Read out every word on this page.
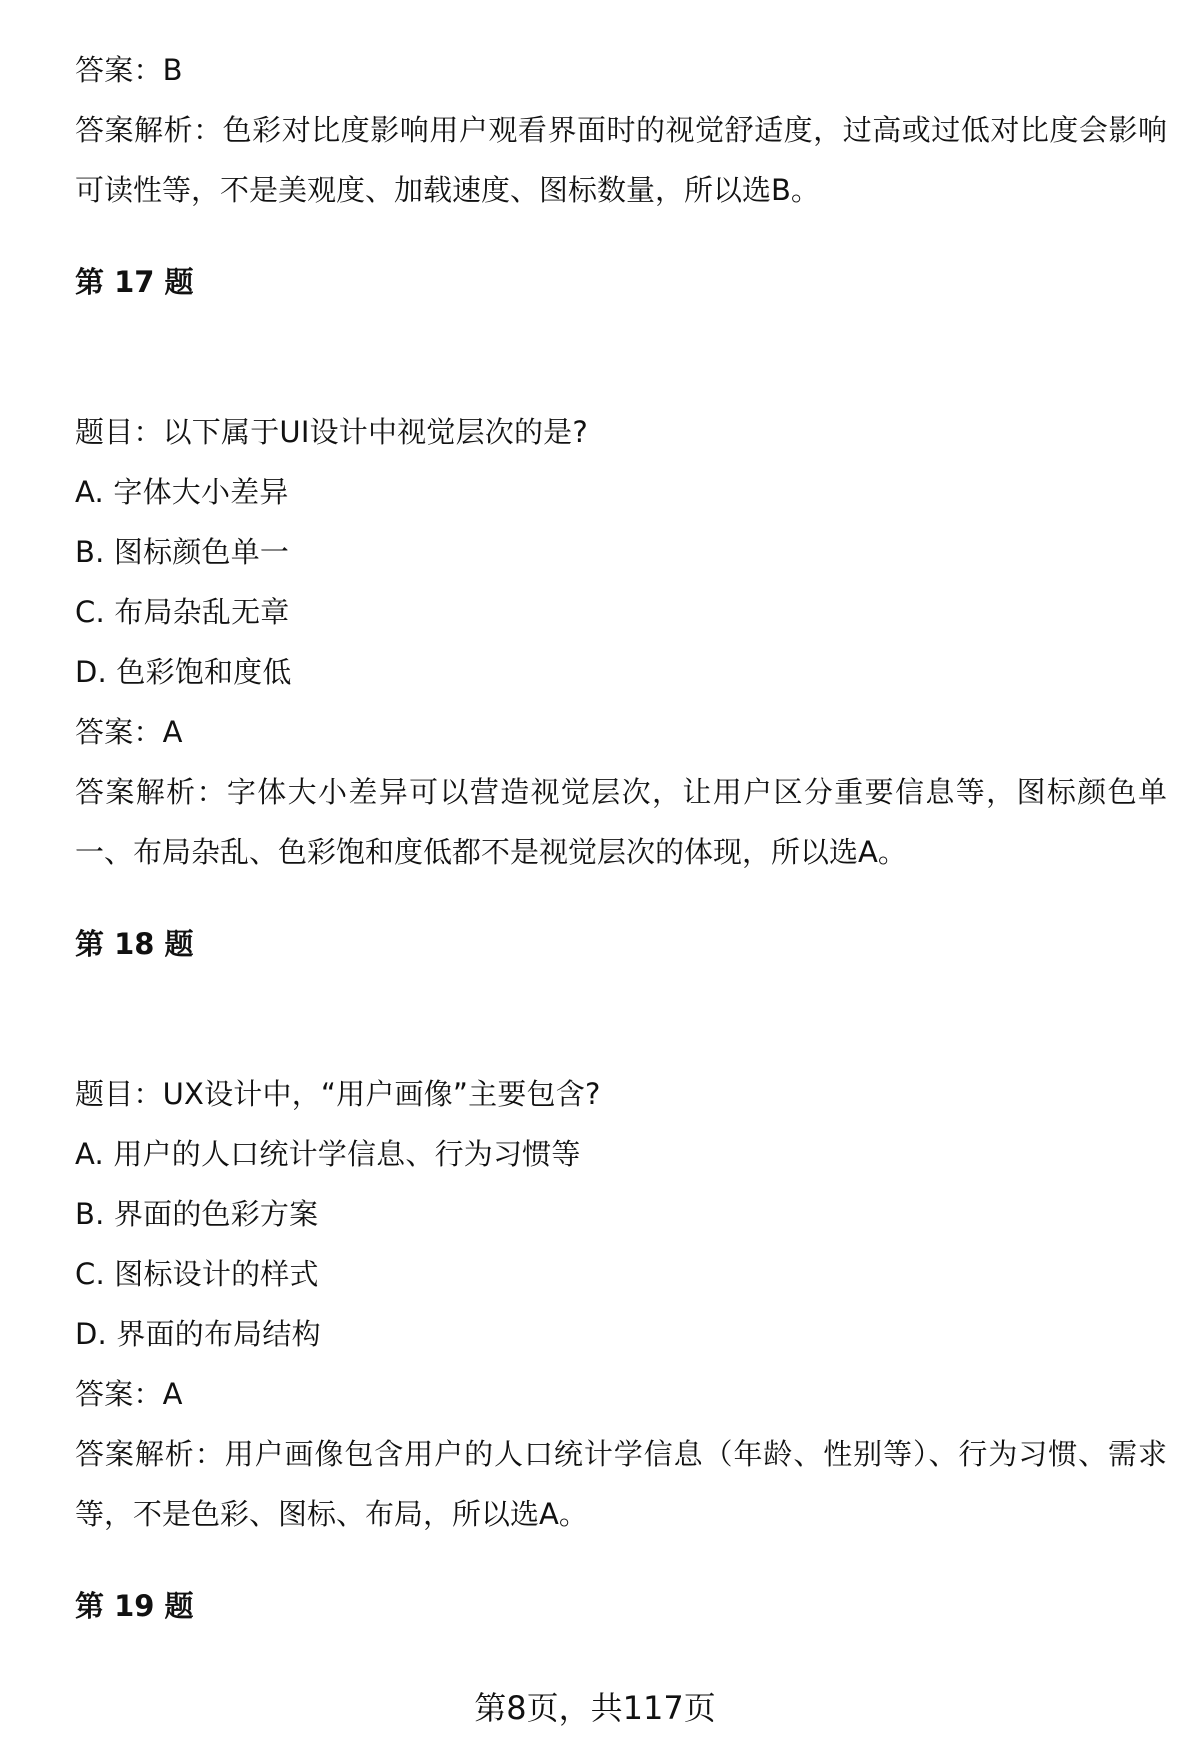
答案：B
答案解析：色彩对比度影响用户观看界面时的视觉舒适度，过高或过低对比度会影响可读性等，不是美观度、加载速度、图标数量，所以选B。
第 17 题
题目：以下属于UI设计中视觉层次的是?
A. 字体大小差异
B. 图标颜色单一
C. 布局杂乱无章
D. 色彩饱和度低
答案：A
答案解析：字体大小差异可以营造视觉层次，让用户区分重要信息等，图标颜色单一、布局杂乱、色彩饱和度低都不是视觉层次的体现，所以选A。
第 18 题
题目：UX设计中，“用户画像”主要包含?
A. 用户的人口统计学信息、行为习惯等
B. 界面的色彩方案
C. 图标设计的样式
D. 界面的布局结构
答案：A
答案解析：用户画像包含用户的人口统计学信息（年龄、性别等）、行为习惯、需求等，不是色彩、图标、布局，所以选A。
第 19 题
第8页，共117页
